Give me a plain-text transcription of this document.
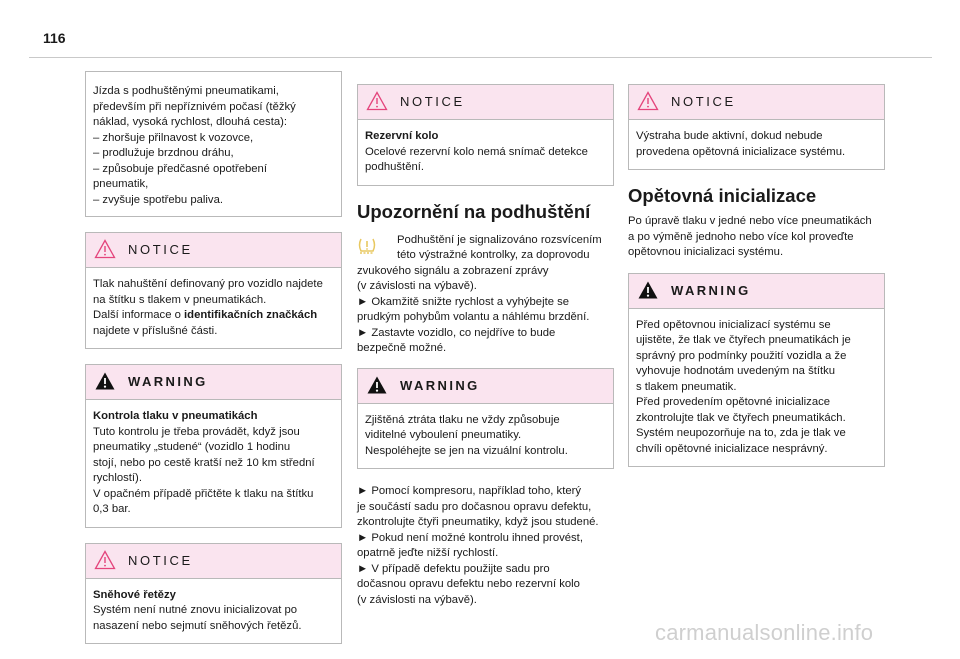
116

Jízda s podhuštěnými pneumatikami,
především při nepříznivém počasí (těžký
náklad, vysoká rychlost, dlouhá cesta):
– zhoršuje přilnavost k vozovce,
– prodlužuje brzdnou dráhu,
– způsobuje předčasné opotřebení
pneumatik,
– zvyšuje spotřebu paliva.

NOTICE

Tlak nahuštění definovaný pro vozidlo najdete
na štítku s tlakem v pneumatikách.
Další informace o identifikačních značkách
najdete v příslušné části.

WARNING

Kontrola tlaku v pneumatikách
Tuto kontrolu je třeba provádět, když jsou
pneumatiky „studené“ (vozidlo 1 hodinu
stojí, nebo po cestě kratší než 10 km střední
rychlostí).
V opačném případě přičtěte k tlaku na štítku
0,3 bar.

NOTICE

Sněhové řetězy
Systém není nutné znovu inicializovat po
nasazení nebo sejmutí sněhových řetězů.

NOTICE

Rezervní kolo
Ocelové rezervní kolo nemá snímač detekce
podhuštění.

Upozornění na podhuštění

Podhuštění je signalizováno rozsvícením
této výstražné kontrolky, za doprovodu

zvukového signálu a zobrazení zprávy
(v závislosti na výbavě).
► Okamžitě snižte rychlost a vyhýbejte se
prudkým pohybům volantu a náhlému brzdění.
► Zastavte vozidlo, co nejdříve to bude
bezpečně možné.

WARNING

Zjištěná ztráta tlaku ne vždy způsobuje
viditelné vyboulení pneumatiky.
Nespoléhejte se jen na vizuální kontrolu.

► Pomocí kompresoru, například toho, který
je součástí sadu pro dočasnou opravu defektu,
zkontrolujte čtyři pneumatiky, když jsou studené.
► Pokud není možné kontrolu ihned provést,
opatrně jeďte nižší rychlostí.
► V případě defektu použijte sadu pro
dočasnou opravu defektu nebo rezervní kolo
(v závislosti na výbavě).

NOTICE

Výstraha bude aktivní, dokud nebude
provedena opětovná inicializace systému.

Opětovná inicializace

Po úpravě tlaku v jedné nebo více pneumatikách
a po výměně jednoho nebo více kol proveďte
opětovnou inicializaci systému.

WARNING

Před opětovnou inicializací systému se
ujistěte, že tlak ve čtyřech pneumatikách je
správný pro podmínky použití vozidla a že
vyhovuje hodnotám uvedeným na štítku
s tlakem pneumatik.
Před provedením opětovné inicializace
zkontrolujte tlak ve čtyřech pneumatikách.
Systém neupozorňuje na to, zda je tlak ve
chvíli opětovné inicializace nesprávný.

carmanualsonline.info
